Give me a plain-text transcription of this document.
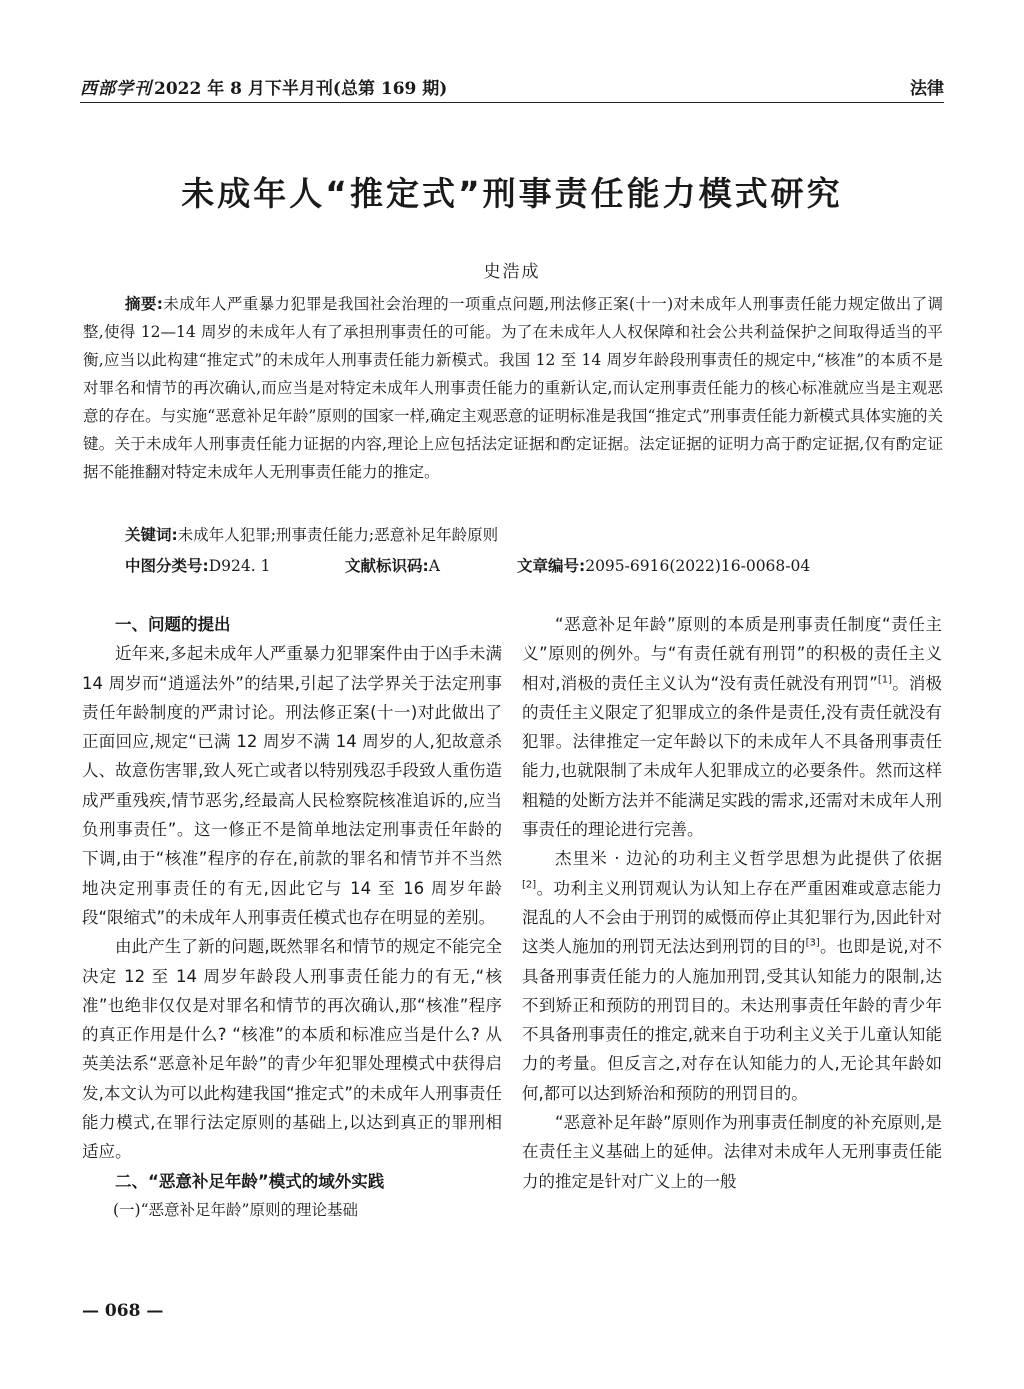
西部学刊 2022 年 8 月下半月刊(总第 169 期)	法律
未成年人“推定式”刑事责任能力模式研究
史浩成

摘要:未成年人严重暴力犯罪是我国社会治理的一项重点问题,刑法修正案(十一)对未成年人刑事责任能力规定做出了调整,使得 12—14 周岁的未成年人有了承担刑事责任的可能。为了在未成年人人权保障和社会公共利益保护之间取得适当的平衡,应当以此构建“推定式”的未成年人刑事责任能力新模式。我国 12 至 14 周岁年龄段刑事责任的规定中,“核准”的本质不是对罪名和情节的再次确认,而应当是对特定未成年人刑事责任能力的重新认定,而认定刑事责任能力的核心标准就应当是主观恶意的存在。与实施“恶意补足年龄”原则的国家一样,确定主观恶意的证明标准是我国“推定式”刑事责任能力新模式具体实施的关键。关于未成年人刑事责任能力证据的内容,理论上应包括法定证据和酌定证据。法定证据的证明力高于酌定证据,仅有酌定证据不能推翻对特定未成年人无刑事责任能力的推定。

关键词:未成年人犯罪;刑事责任能力;恶意补足年龄原则
中图分类号:D924. 1	文献标识码:A	文章编号:2095-6916(2022)16-0068-04

一、问题的提出

近年来,多起未成年人严重暴力犯罪案件由于凶手未满 14 周岁而“逍遥法外”的结果,引起了法学界关于法定刑事责任年龄制度的严肃讨论。刑法修正案(十一)对此做出了正面回应,规定“已满 12 周岁不满 14 周岁的人,犯故意杀人、故意伤害罪,致人死亡或者以特别残忍手段致人重伤造成严重残疾,情节恶劣,经最高人民检察院核准追诉的,应当负刑事责任”。这一修正不是简单地法定刑事责任年龄的下调,由于“核准”程序的存在,前款的罪名和情节并不当然地决定刑事责任的有无,因此它与 14 至 16 周岁年龄段“限缩式”的未成年人刑事责任模式也存在明显的差别。

由此产生了新的问题,既然罪名和情节的规定不能完全决定 12 至 14 周岁年龄段人刑事责任能力的有无,“核准”也绝非仅仅是对罪名和情节的再次确认,那“核准”程序的真正作用是什么? “核准”的本质和标准应当是什么? 从英美法系“恶意补足年龄”的青少年犯罪处理模式中获得启发,本文认为可以此构建我国“推定式”的未成年人刑事责任能力模式,在罪行法定原则的基础上,以达到真正的罪刑相适应。

二、“恶意补足年龄”模式的域外实践

(一)“恶意补足年龄”原则的理论基础

“恶意补足年龄”原则的本质是刑事责任制度“责任主义”原则的例外。与“有责任就有刑罚”的积极的责任主义相对,消极的责任主义认为“没有责任就没有刑罚”[1]。消极的责任主义限定了犯罪成立的条件是责任,没有责任就没有犯罪。法律推定一定年龄以下的未成年人不具备刑事责任能力,也就限制了未成年人犯罪成立的必要条件。然而这样粗糙的处断方法并不能满足实践的需求,还需对未成年人刑事责任的理论进行完善。

杰里米 · 边沁的功利主义哲学思想为此提供了依据[2]。功利主义刑罚观认为认知上存在严重困难或意志能力混乱的人不会由于刑罚的威慑而停止其犯罪行为,因此针对这类人施加的刑罚无法达到刑罚的目的[3]。也即是说,对不具备刑事责任能力的人施加刑罚,受其认知能力的限制,达不到矫正和预防的刑罚目的。未达刑事责任年龄的青少年不具备刑事责任的推定,就来自于功利主义关于儿童认知能力的考量。但反言之,对存在认知能力的人,无论其年龄如何,都可以达到矫治和预防的刑罚目的。

“恶意补足年龄”原则作为刑事责任制度的补充原则,是在责任主义基础上的延伸。法律对未成年人无刑事责任能力的推定是针对广义上的一般

— 068 —
